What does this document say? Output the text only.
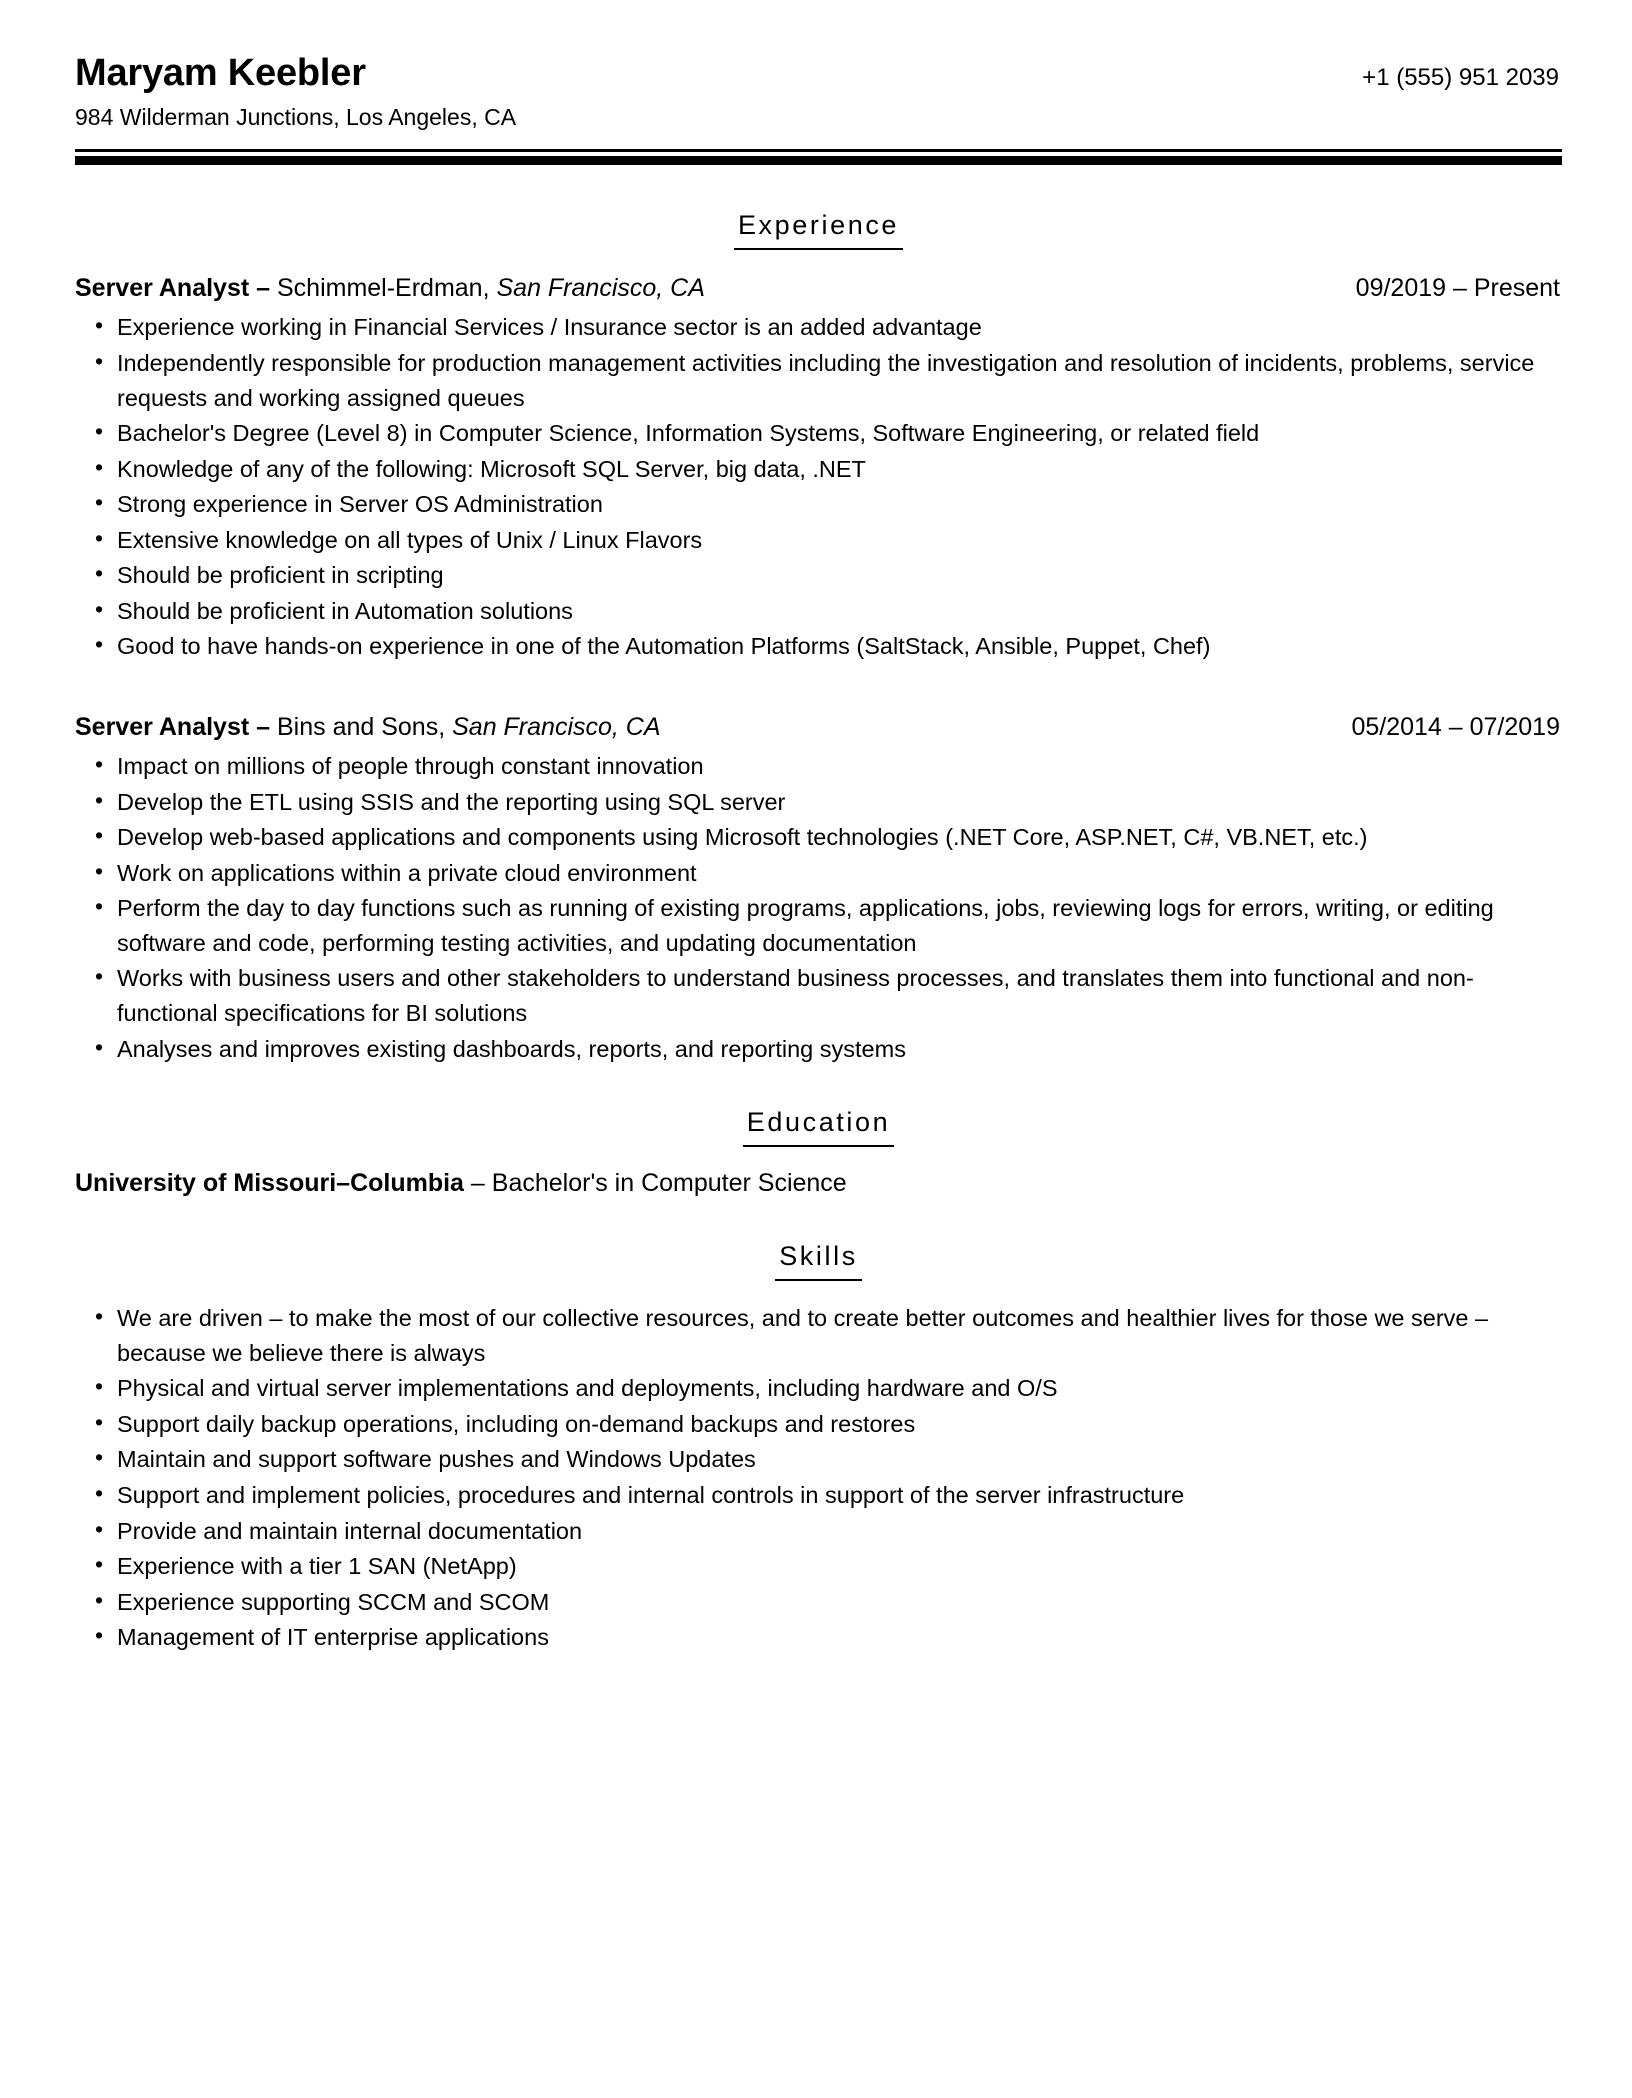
Maryam Keebler	+1 (555) 951 2039
984 Wilderman Junctions, Los Angeles, CA
Experience
Server Analyst – Schimmel-Erdman, San Francisco, CA	09/2019 – Present
• Experience working in Financial Services / Insurance sector is an added advantage
• Independently responsible for production management activities including the investigation and resolution of incidents, problems, service requests and working assigned queues
• Bachelor's Degree (Level 8) in Computer Science, Information Systems, Software Engineering, or related field
• Knowledge of any of the following: Microsoft SQL Server, big data, .NET
• Strong experience in Server OS Administration
• Extensive knowledge on all types of Unix / Linux Flavors
• Should be proficient in scripting
• Should be proficient in Automation solutions
• Good to have hands-on experience in one of the Automation Platforms (SaltStack, Ansible, Puppet, Chef)
Server Analyst – Bins and Sons, San Francisco, CA	05/2014 – 07/2019
• Impact on millions of people through constant innovation
• Develop the ETL using SSIS and the reporting using SQL server
• Develop web-based applications and components using Microsoft technologies (.NET Core, ASP.NET, C#, VB.NET, etc.)
• Work on applications within a private cloud environment
• Perform the day to day functions such as running of existing programs, applications, jobs, reviewing logs for errors, writing, or editing software and code, performing testing activities, and updating documentation
• Works with business users and other stakeholders to understand business processes, and translates them into functional and non-functional specifications for BI solutions
• Analyses and improves existing dashboards, reports, and reporting systems
Education
University of Missouri–Columbia – Bachelor's in Computer Science
Skills
• We are driven – to make the most of our collective resources, and to create better outcomes and healthier lives for those we serve – because we believe there is always
• Physical and virtual server implementations and deployments, including hardware and O/S
• Support daily backup operations, including on-demand backups and restores
• Maintain and support software pushes and Windows Updates
• Support and implement policies, procedures and internal controls in support of the server infrastructure
• Provide and maintain internal documentation
• Experience with a tier 1 SAN (NetApp)
• Experience supporting SCCM and SCOM
• Management of IT enterprise applications
